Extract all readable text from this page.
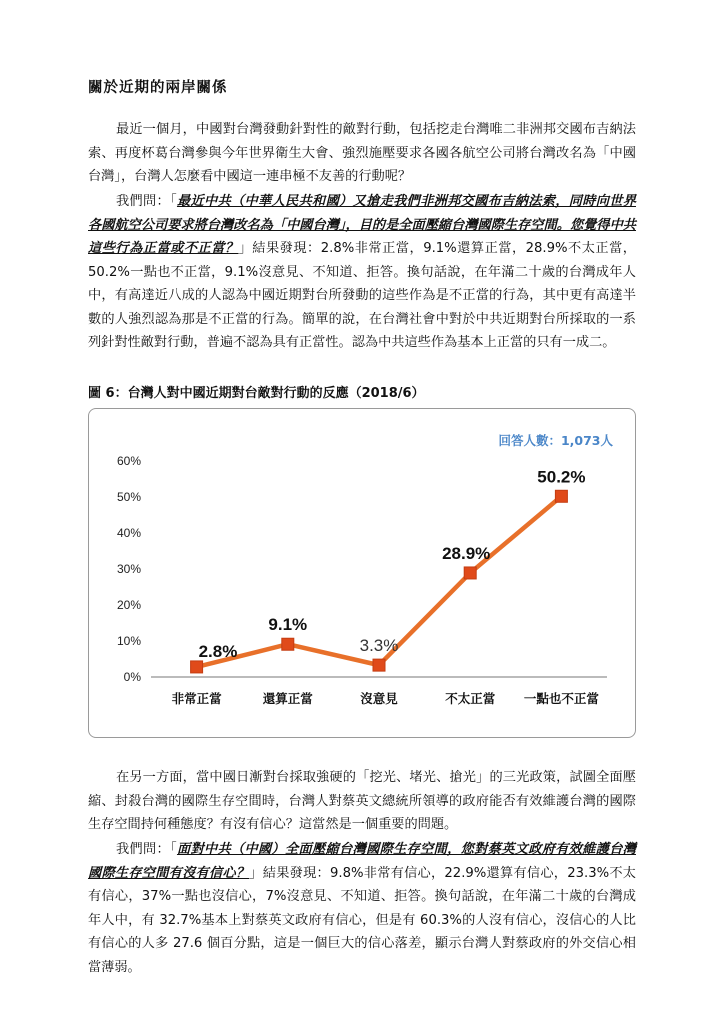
關於近期的兩岸關係

最近一個月，中國對台灣發動針對性的敵對行動，包括挖走台灣唯二非洲邦交國布吉納法索、再度杯葛台灣參與今年世界衛生大會、強烈施壓要求各國各航空公司將台灣改名為「中國台灣」，台灣人怎麼看中國這一連串極不友善的行動呢？

我們問：「最近中共（中華人民共和國）又搶走我們非洲邦交國布吉納法索，同時向世界各國航空公司要求將台灣改名為「中國台灣」，目的是全面壓縮台灣國際生存空間。您覺得中共這些行為正當或不正當？」結果發現：2.8%非常正當，9.1%還算正當，28.9%不太正當，50.2%一點也不正當，9.1%沒意見、不知道、拒答。換句話說，在年滿二十歲的台灣成年人中，有高達近八成的人認為中國近期對台所發動的這些作為是不正當的行為，其中更有高達半數的人強烈認為那是不正當的行為。簡單的說，在台灣社會中對於中共近期對台所採取的一系列針對性敵對行動，普遍不認為具有正當性。認為中共這些作為基本上正當的只有一成二。

圖 6：台灣人對中國近期對台敵對行動的反應（2018/6）
回答人數：1,073人
0%
10%
20%
30%
40%
50%
60%
非常正當	還算正當	沒意見	不太正當 一點也不正當
2.8%
9.1%
3.3%
28.9%
50.2%

在另一方面，當中國日漸對台採取強硬的「挖光、堵光、搶光」的三光政策，試圖全面壓縮、封殺台灣的國際生存空間時，台灣人對蔡英文總統所領導的政府能否有效維護台灣的國際生存空間持何種態度？有沒有信心？這當然是一個重要的問題。

我們問：「面對中共（中國）全面壓縮台灣國際生存空間，您對蔡英文政府有效維護台灣國際生存空間有沒有信心？」結果發現：9.8%非常有信心，22.9%還算有信心，23.3%不太有信心，37%一點也沒信心，7%沒意見、不知道、拒答。換句話說，在年滿二十歲的台灣成年人中，有 32.7%基本上對蔡英文政府有信心，但是有 60.3%的人沒有信心，沒信心的人比有信心的人多 27.6 個百分點，這是一個巨大的信心落差，顯示台灣人對蔡政府的外交信心相當薄弱。
